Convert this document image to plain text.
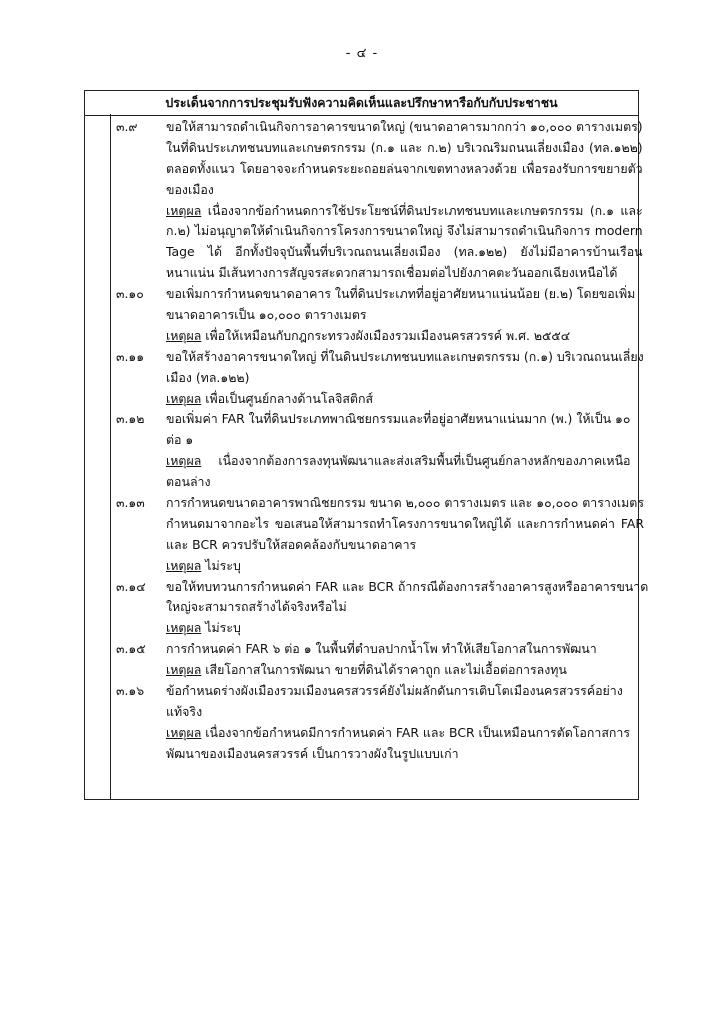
- ๔ -
ประเด็นจากการประชุมรับฟังความคิดเห็นและปรึกษาหารือกับกับประชาชน
๓.๙	ขอให้สามารถดำเนินกิจการอาคารขนาดใหญ่ (ขนาดอาคารมากกว่า ๑๐,๐๐๐ ตารางเมตร)
ในที่ดินประเภทชนบทและเกษตรกรรม (ก.๑ และ ก.๒) บริเวณริมถนนเลี่ยงเมือง (ทล.๑๒๒)
ตลอดทั้งแนว โดยอาจจะกำหนดระยะถอยล่นจากเขตทางหลวงด้วย เพื่อรองรับการขยายตัว
ของเมือง
เหตุผล เนื่องจากข้อกำหนดการใช้ประโยชน์ที่ดินประเภทชนบทและเกษตรกรรม (ก.๑ และ
ก.๒) ไม่อนุญาตให้ดำเนินกิจการโครงการขนาดใหญ่ จึงไม่สามารถดำเนินกิจการ modern
Tage ได้ อีกทั้งปัจจุบันพื้นที่บริเวณถนนเลี่ยงเมือง (ทล.๑๒๒) ยังไม่มีอาคารบ้านเรือน
หนาแน่น มีเส้นทางการสัญจรสะดวกสามารถเชื่อมต่อไปยังภาคตะวันออกเฉียงเหนือได้
๓.๑๐	ขอเพิ่มการกำหนดขนาดอาคาร ในที่ดินประเภทที่อยู่อาศัยหนาแน่นน้อย (ย.๒) โดยขอเพิ่ม
ขนาดอาคารเป็น ๑๐,๐๐๐ ตารางเมตร
เหตุผล เพื่อให้เหมือนกับกฎกระทรวงผังเมืองรวมเมืองนครสวรรค์ พ.ศ. ๒๕๕๔
๓.๑๑	ขอให้สร้างอาคารขนาดใหญ่ ที่ในดินประเภทชนบทและเกษตรกรรม (ก.๑) บริเวณถนนเลี่ยง
เมือง (ทล.๑๒๒)
เหตุผล เพื่อเป็นศูนย์กลางด้านโลจิสติกส์
๓.๑๒	ขอเพิ่มค่า FAR ในที่ดินประเภทพาณิชยกรรมและที่อยู่อาศัยหนาแน่นมาก (พ.) ให้เป็น ๑๐
ต่อ ๑
เหตุผล เนื่องจากต้องการลงทุนพัฒนาและส่งเสริมพื้นที่เป็นศูนย์กลางหลักของภาคเหนือ
ตอนล่าง
๓.๑๓	การกำหนดขนาดอาคารพาณิชยกรรม ขนาด ๒,๐๐๐ ตารางเมตร และ ๑๐,๐๐๐ ตารางเมตร
กำหนดมาจากอะไร ขอเสนอให้สามารถทำโครงการขนาดใหญ่ได้ และการกำหนดค่า FAR
และ BCR ควรปรับให้สอดคล้องกับขนาดอาคาร
เหตุผล ไม่ระบุ
๓.๑๔	ขอให้ทบทวนการกำหนดค่า FAR และ BCR ถ้ากรณีต้องการสร้างอาคารสูงหรืออาคารขนาด
ใหญ่จะสามารถสร้างได้จริงหรือไม่
เหตุผล ไม่ระบุ
๓.๑๕	การกำหนดค่า FAR ๖ ต่อ ๑ ในพื้นที่ตำบลปากน้ำโพ ทำให้เสียโอกาสในการพัฒนา
เหตุผล เสียโอกาสในการพัฒนา ขายที่ดินได้ราคาถูก และไม่เอื้อต่อการลงทุน
๓.๑๖	ข้อกำหนดร่างผังเมืองรวมเมืองนครสวรรค์ยังไม่ผลักดันการเติบโตเมืองนครสวรรค์อย่าง
แท้จริง
เหตุผล เนื่องจากข้อกำหนดมีการกำหนดค่า FAR และ BCR เป็นเหมือนการตัดโอกาสการ
พัฒนาของเมืองนครสวรรค์ เป็นการวางผังในรูปแบบเก่า
